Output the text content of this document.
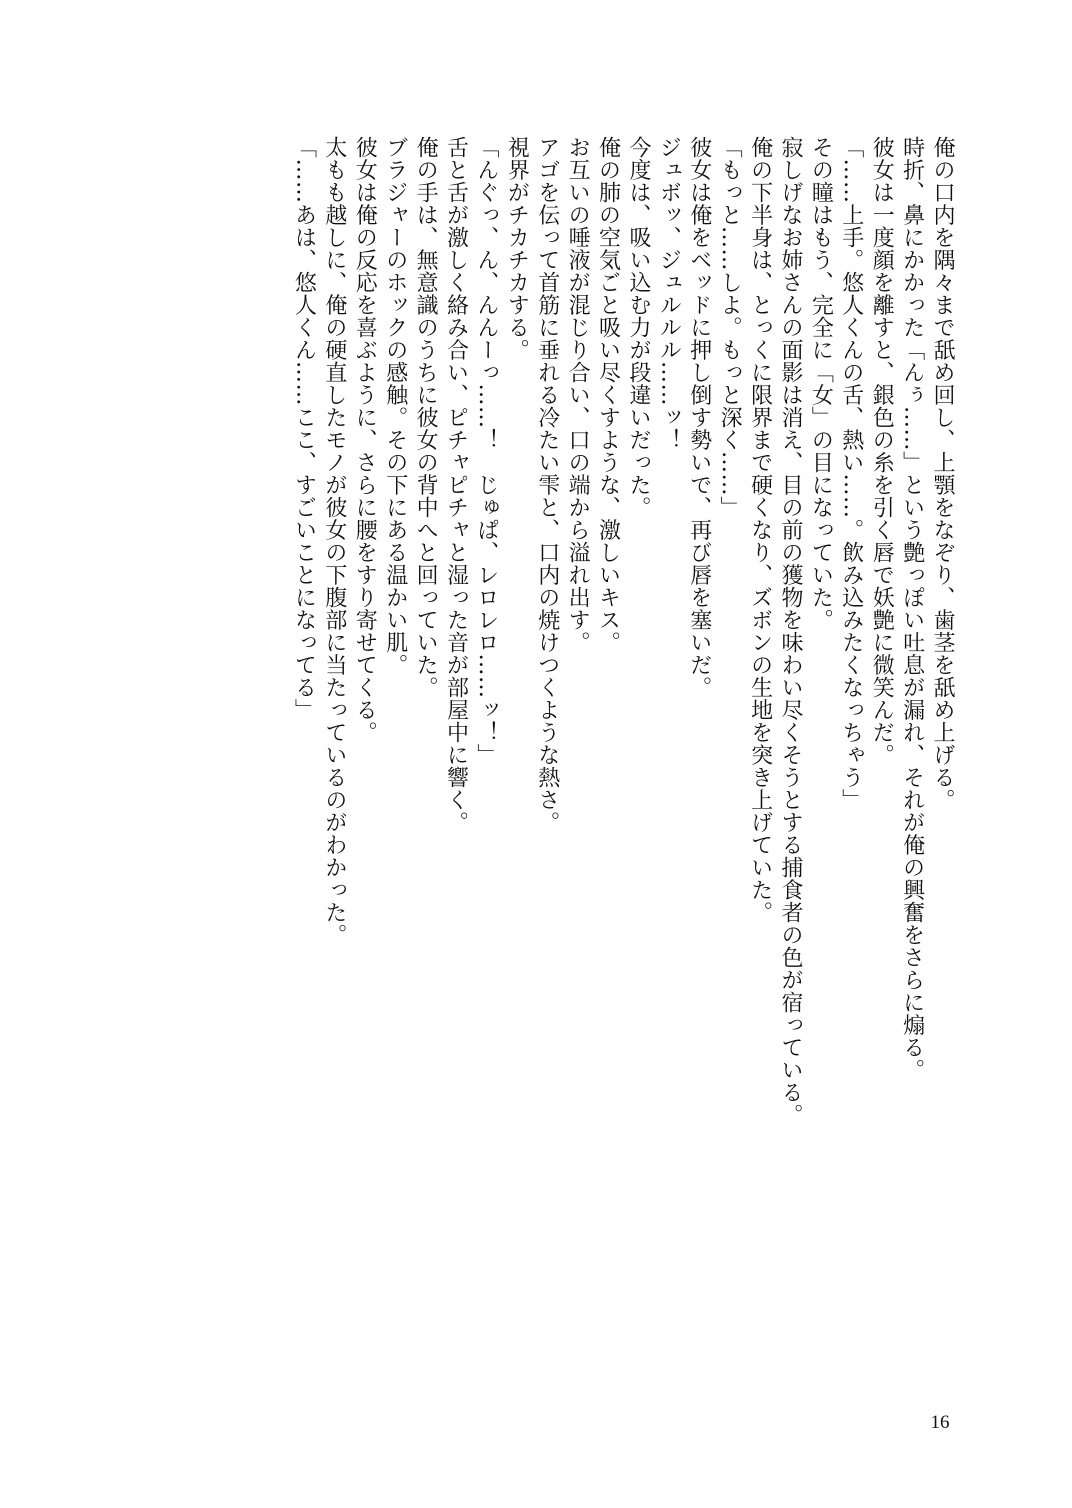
俺の口内を隅々まで舐め回し、上顎をなぞり、歯茎を舐め上げる。

時折、鼻にかかった「んぅ……」という艶っぽい吐息が漏れ、それが俺の興奮をさらに煽る。

彼女は一度顔を離すと、銀色の糸を引く唇で妖艶に微笑んだ。

「……上手。悠人くんの舌、熱い……。飲み込みたくなっちゃう」

その瞳はもう、完全に「女」の目になっていた。

寂しげなお姉さんの面影は消え、目の前の獲物を味わい尽くそうとする捕食者の色が宿っている。

俺の下半身は、とっくに限界まで硬くなり、ズボンの生地を突き上げていた。

「もっと……しよ。もっと深く……」

彼女は俺をベッドに押し倒す勢いで、再び唇を塞いだ。

ジュボッ、ジュルルル……ッ！

今度は、吸い込む力が段違いだった。

俺の肺の空気ごと吸い尽くすような、激しいキス。

お互いの唾液が混じり合い、口の端から溢れ出す。

アゴを伝って首筋に垂れる冷たい雫と、口内の焼けつくような熱さ。

視界がチカチカする。

「んぐっ、ん、んんーっ……！　じゅぱ、レロレロ……ッ！」

舌と舌が激しく絡み合い、ピチャピチャと湿った音が部屋中に響く。

俺の手は、無意識のうちに彼女の背中へと回っていた。

ブラジャーのホックの感触。その下にある温かい肌。

彼女は俺の反応を喜ぶように、さらに腰をすり寄せてくる。

太もも越しに、俺の硬直したモノが彼女の下腹部に当たっているのがわかった。

「……あは、悠人くん……ここ、すごいことになってる」

16
